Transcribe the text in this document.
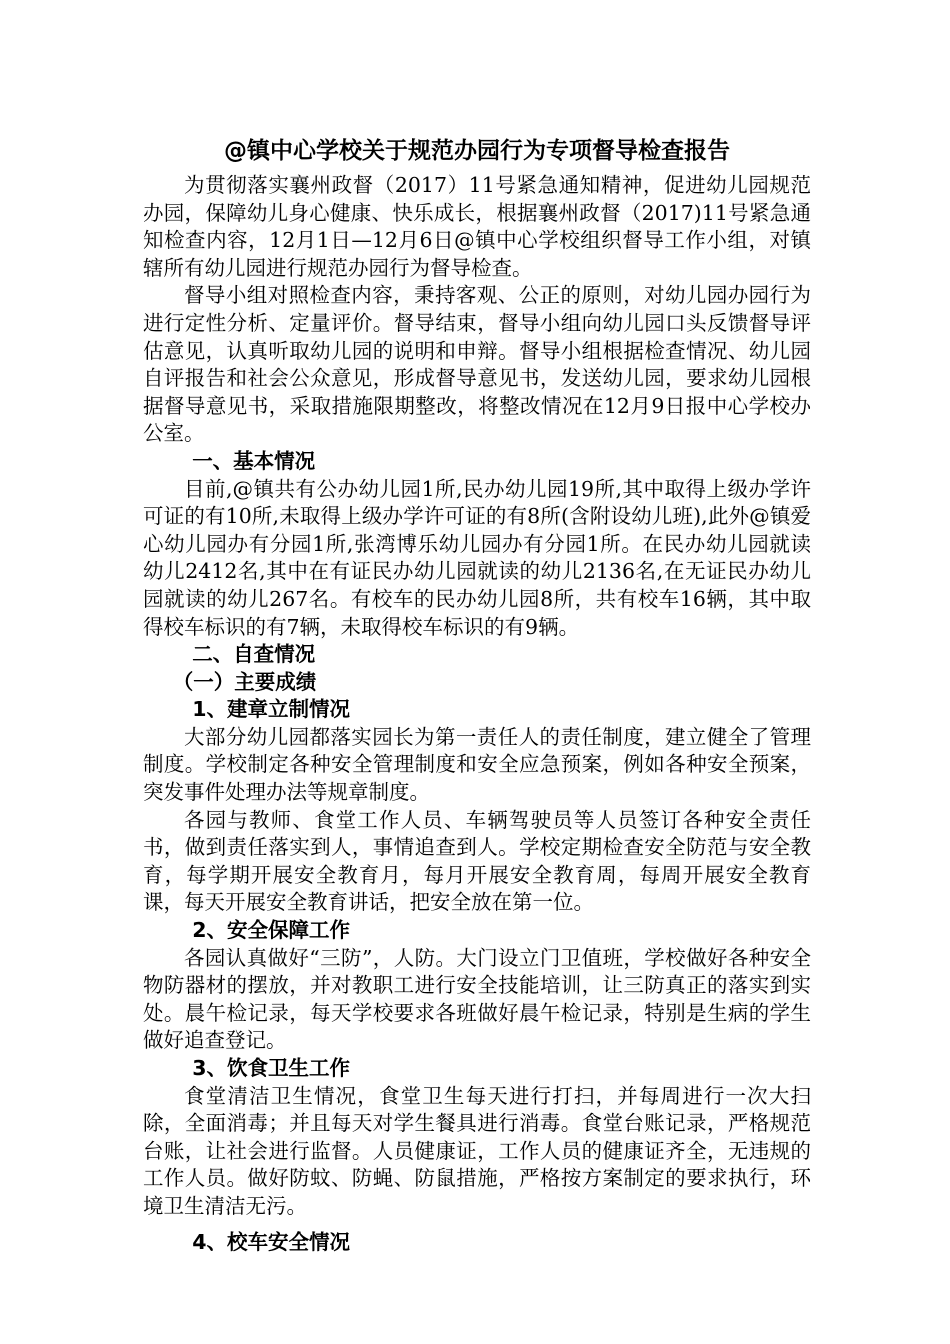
@镇中心学校关于规范办园行为专项督导检查报告

为贯彻落实襄州政督（2017）11号紧急通知精神，促进幼儿园规范办园，保障幼儿身心健康、快乐成长，根据襄州政督（2017)11号紧急通知检查内容，12月1日—12月6日@镇中心学校组织督导工作小组，对镇辖所有幼儿园进行规范办园行为督导检查。

督导小组对照检查内容，秉持客观、公正的原则，对幼儿园办园行为进行定性分析、定量评价。督导结束，督导小组向幼儿园口头反馈督导评估意见，认真听取幼儿园的说明和申辩。督导小组根据检查情况、幼儿园自评报告和社会公众意见，形成督导意见书，发送幼儿园，要求幼儿园根据督导意见书，采取措施限期整改，将整改情况在12月9日报中心学校办公室。

一、基本情况

目前,@镇共有公办幼儿园1所,民办幼儿园19所,其中取得上级办学许可证的有10所,未取得上级办学许可证的有8所(含附设幼儿班),此外@镇爱心幼儿园办有分园1所,张湾博乐幼儿园办有分园1所。在民办幼儿园就读幼儿2412名,其中在有证民办幼儿园就读的幼儿2136名,在无证民办幼儿园就读的幼儿267名。有校车的民办幼儿园8所，共有校车16辆，其中取得校车标识的有7辆，未取得校车标识的有9辆。

二、自查情况
（一）主要成绩
1、建章立制情况

大部分幼儿园都落实园长为第一责任人的责任制度，建立健全了管理制度。学校制定各种安全管理制度和安全应急预案，例如各种安全预案，突发事件处理办法等规章制度。

各园与教师、食堂工作人员、车辆驾驶员等人员签订各种安全责任书，做到责任落实到人，事情追查到人。学校定期检查安全防范与安全教育，每学期开展安全教育月，每月开展安全教育周，每周开展安全教育课，每天开展安全教育讲话，把安全放在第一位。

2、安全保障工作

各园认真做好“三防”，人防。大门设立门卫值班，学校做好各种安全物防器材的摆放，并对教职工进行安全技能培训，让三防真正的落实到实处。晨午检记录，每天学校要求各班做好晨午检记录，特别是生病的学生做好追查登记。

3、饮食卫生工作

食堂清洁卫生情况，食堂卫生每天进行打扫，并每周进行一次大扫除，全面消毒；并且每天对学生餐具进行消毒。食堂台账记录，严格规范台账，让社会进行监督。人员健康证，工作人员的健康证齐全，无违规的工作人员。做好防蚊、防蝇、防鼠措施，严格按方案制定的要求执行，环境卫生清洁无污。

4、校车安全情况
